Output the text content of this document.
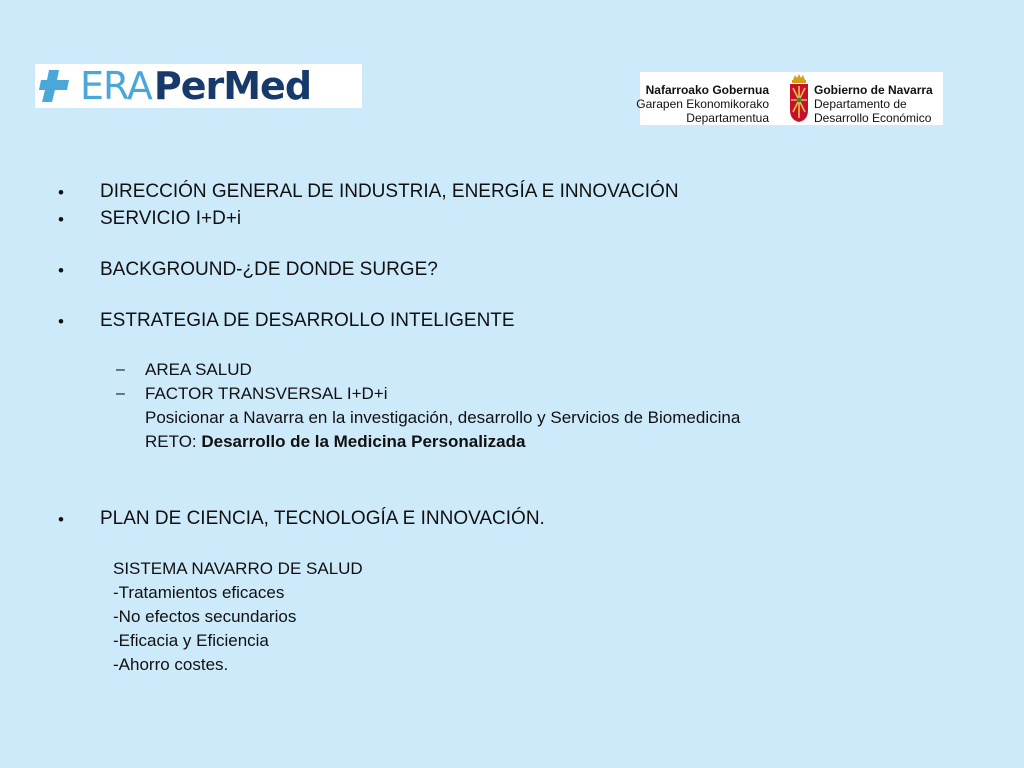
ERA PerMed	Nafarroako Gobernua
Garapen Ekonomikorako
Departamentua
Gobierno de Navarra
Departamento de
Desarrollo Económico
• DIRECCIÓN GENERAL DE INDUSTRIA, ENERGÍA E INNOVACIÓN
• SERVICIO I+D+i
• BACKGROUND-¿DE DONDE SURGE?
• ESTRATEGIA DE DESARROLLO INTELIGENTE
– AREA SALUD
– FACTOR TRANSVERSAL I+D+i
Posicionar a Navarra en la investigación, desarrollo y Servicios de Biomedicina
RETO: Desarrollo de la Medicina Personalizada
• PLAN DE CIENCIA, TECNOLOGÍA E INNOVACIÓN.
SISTEMA NAVARRO DE SALUD
-Tratamientos eficaces
-No efectos secundarios
-Eficacia y Eficiencia
-Ahorro costes.
